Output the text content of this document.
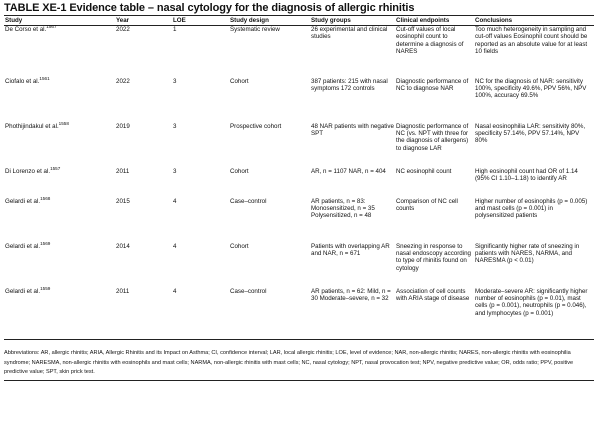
TABLE XE-1 Evidence table – nasal cytology for the diagnosis of allergic rhinitis
Study	Year	LOE	Study design	Study groups	Clinical endpoints	Conclusions
De Corso et al.$^{1567}$	2022	1	Systematic review	26 experimental and clinical studies	Cut-off values of local eosinophil count to determine a diagnosis of NARES	Too much heterogeneity in sampling and cut-off values Eosinophil count should be reported as an absolute value for at least 10 fields
Ciofalo et al.$^{1561}$	2022	3	Cohort	387 patients: 215 with nasal symptoms 172 controls	Diagnostic performance of NC to diagnose NAR	NC for the diagnosis of NAR: sensitivity 100%, specificity 49.6%, PPV 56%, NPV 100%, accuracy 69.5%
Phothijindakul et al.$^{1558}$	2019	3	Prospective cohort	48 NAR patients with negative SPT	Diagnostic performance of NC (vs. NPT with three for the diagnosis of allergens) to diagnose LAR	Nasal eosinophilia LAR: sensitivity 80%, specificity 57.14%, PPV 57.14%, NPV 80%
Di Lorenzo et al.$^{1557}$	2011	3	Cohort	AR, n = 1107 NAR, n = 404	NC eosinophil count	High eosinophil count had OR of 1.14 (95% CI 1.10–1.18) to identify AR
Gelardi et al.$^{1568}$	2015	4	Case–control	AR patients, n = 83: Monosensitized, n = 35 Polysensitized, n = 48	Comparison of NC cell counts	Higher number of eosinophils (p = 0.005) and mast cells (p = 0.001) in polysensitized patients
Gelardi et al.$^{1569}$	2014	4	Cohort	Patients with overlapping AR and NAR, n = 671	Sneezing in response to nasal endoscopy according to type of rhinitis found on cytology	Significantly higher rate of sneezing in patients with NARES, NARMA, and NARESMA (p < 0.01)
Gelardi et al.$^{1559}$	2011	4	Case–control	AR patients, n = 62: Mild, n = 30 Moderate–severe, n = 32	Association of cell counts with ARIA stage of disease	Moderate–severe AR: significantly higher number of eosinophils (p = 0.01), mast cells (p = 0.001), neutrophils (p = 0.046), and lymphocytes (p = 0.001)
Abbreviations: AR, allergic rhinitis; ARIA, Allergic Rhinitis and its Impact on Asthma; CI, confidence interval; LAR, local allergic rhinitis; LOE, level of evidence; NAR, non-allergic rhinitis; NARES, non-allergic rhinitis with eosinophilia syndrome; NARESMA, non-allergic rhinitis with eosinophils and mast cells; NARMA, non-allergic rhinitis with mast cells; NC, nasal cytology; NPT, nasal provocation test; NPV, negative predictive value; OR, odds ratio; PPV, positive predictive value; SPT, skin prick test.
